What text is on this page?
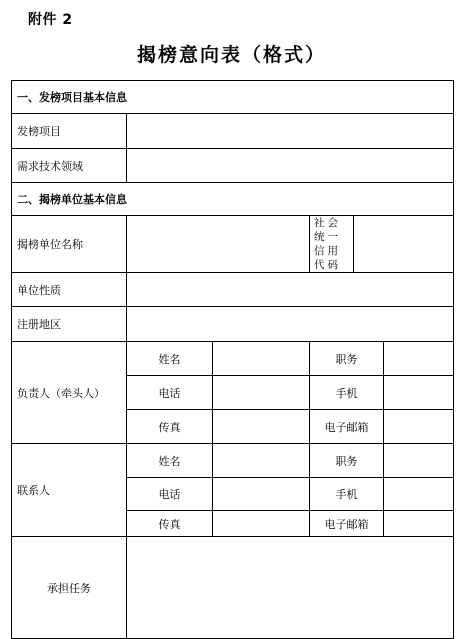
附件 2
揭榜意向表（格式）
一、发榜项目基本信息					
发榜项目					
需求技术领域					
二、揭榜单位基本信息					
揭榜单位名称			社会统一信用代码		
单位性质					
注册地区					
负责人（牵头人）	姓名		职务		
	电话		手机		
	传真		电子邮箱		
联系人	姓名		职务		
	电话		手机		
	传真		电子邮箱		
承担任务					
